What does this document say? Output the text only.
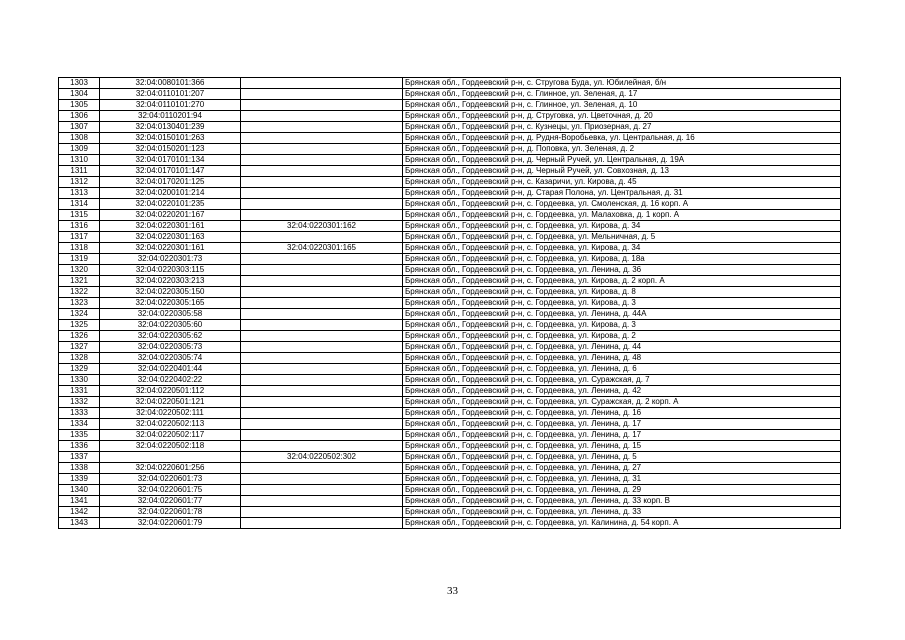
1303	32:04:0080101:366		Брянская обл., Гордеевский р-н, с. Стругова Буда, ул. Юбилейная, б/н
1304	32:04:0110101:207		Брянская обл., Гордеевский р-н, с. Глинное, ул. Зеленая, д. 17
1305	32:04:0110101:270		Брянская обл., Гордеевский р-н, с. Глинное, ул. Зеленая, д. 10
1306	32:04:0110201:94		Брянская обл., Гордеевский р-н, д. Струговка, ул. Цветочная, д. 20
1307	32:04:0130401:239		Брянская обл., Гордеевский р-н, с. Кузнецы, ул. Приозерная, д. 27
1308	32:04:0150101:263		Брянская обл., Гордеевский р-н, д. Рудня-Воробьевка, ул. Центральная, д. 16
1309	32:04:0150201:123		Брянская обл., Гордеевский р-н, д. Поповка, ул. Зеленая, д. 2
1310	32:04:0170101:134		Брянская обл., Гордеевский р-н, д. Черный Ручей, ул. Центральная, д. 19А
1311	32:04:0170101:147		Брянская обл., Гордеевский р-н, д. Черный Ручей, ул. Совхозная, д. 13
1312	32:04:0170201:125		Брянская обл., Гордеевский р-н, с. Казаричи, ул. Кирова, д. 45
1313	32:04:0200101:214		Брянская обл., Гордеевский р-н, д. Старая Полона, ул. Центральная, д. 31
1314	32:04:0220101:235		Брянская обл., Гордеевский р-н, с. Гордеевка, ул. Смоленская, д. 16 корп. А
1315	32:04:0220201:167		Брянская обл., Гордеевский р-н, с. Гордеевка, ул. Малаховка, д. 1 корп. А
1316	32:04:0220301:161	32:04:0220301:162	Брянская обл., Гордеевский р-н, с. Гордеевка, ул. Кирова, д. 34
1317	32:04:0220301:163		Брянская обл., Гордеевский р-н, с. Гордеевка, ул. Мельничная, д. 5
1318	32:04:0220301:161	32:04:0220301:165	Брянская обл., Гордеевский р-н, с. Гордеевка, ул. Кирова, д. 34
1319	32:04:0220301:73		Брянская обл., Гордеевский р-н, с. Гордеевка, ул. Кирова, д. 18а
1320	32:04:0220303:115		Брянская обл., Гордеевский р-н, с. Гордеевка, ул. Ленина, д. 36
1321	32:04:0220303:213		Брянская обл., Гордеевский р-н, с. Гордеевка, ул. Кирова, д. 2 корп. А
1322	32:04:0220305:150		Брянская обл., Гордеевский р-н, с. Гордеевка, ул. Кирова, д. 8
1323	32:04:0220305:165		Брянская обл., Гордеевский р-н, с. Гордеевка, ул. Кирова, д. 3
1324	32:04:0220305:58		Брянская обл., Гордеевский р-н, с. Гордеевка, ул. Ленина, д. 44А
1325	32:04:0220305:60		Брянская обл., Гордеевский р-н, с. Гордеевка, ул. Кирова, д. 3
1326	32:04:0220305:62		Брянская обл., Гордеевский р-н, с. Гордеевка, ул. Кирова, д. 2
1327	32:04:0220305:73		Брянская обл., Гордеевский р-н, с. Гордеевка, ул. Ленина, д. 44
1328	32:04:0220305:74		Брянская обл., Гордеевский р-н, с. Гордеевка, ул. Ленина, д. 48
1329	32:04:0220401:44		Брянская обл., Гордеевский р-н, с. Гордеевка, ул. Ленина, д. 6
1330	32:04:0220402:22		Брянская обл., Гордеевский р-н, с. Гордеевка, ул. Суражская, д. 7
1331	32:04:0220501:112		Брянская обл., Гордеевский р-н, с. Гордеевка, ул. Ленина, д. 42
1332	32:04:0220501:121		Брянская обл., Гордеевский р-н, с. Гордеевка, ул. Суражская, д. 2 корп. А
1333	32:04:0220502:111		Брянская обл., Гордеевский р-н, с. Гордеевка, ул. Ленина, д. 16
1334	32:04:0220502:113		Брянская обл., Гордеевский р-н, с. Гордеевка, ул. Ленина, д. 17
1335	32:04:0220502:117		Брянская обл., Гордеевский р-н, с. Гордеевка, ул. Ленина, д. 17
1336	32:04:0220502:118		Брянская обл., Гордеевский р-н, с. Гордеевка, ул. Ленина, д. 15
1337		32:04:0220502:302	Брянская обл., Гордеевский р-н, с. Гордеевка, ул. Ленина, д. 5
1338	32:04:0220601:256		Брянская обл., Гордеевский р-н, с. Гордеевка, ул. Ленина, д. 27
1339	32:04:0220601:73		Брянская обл., Гордеевский р-н, с. Гордеевка, ул. Ленина, д. 31
1340	32:04:0220601:75		Брянская обл., Гордеевский р-н, с. Гордеевка, ул. Ленина, д. 29
1341	32:04:0220601:77		Брянская обл., Гордеевский р-н, с. Гордеевка, ул. Ленина, д. 33 корп. В
1342	32:04:0220601:78		Брянская обл., Гордеевский р-н, с. Гордеевка, ул. Ленина, д. 33
1343	32:04:0220601:79		Брянская обл., Гордеевский р-н, с. Гордеевка, ул. Калинина, д. 54 корп. А
33
